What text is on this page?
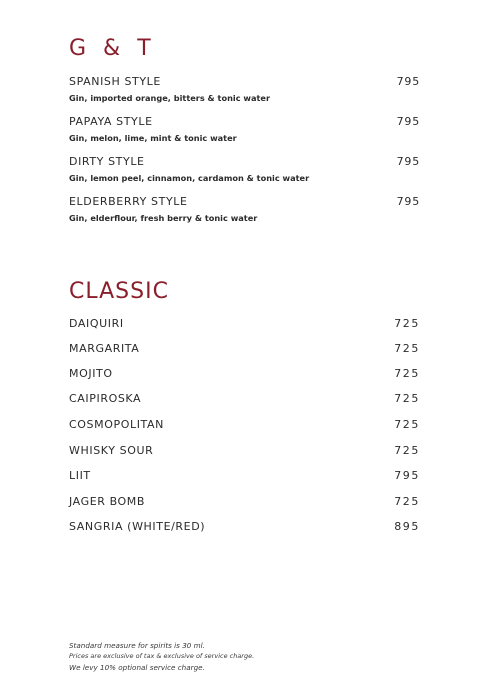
G & T
SPANISH STYLE	795
Gin, imported orange, bitters & tonic water
PAPAYA STYLE	795
Gin, melon, lime, mint & tonic water
DIRTY STYLE	795
Gin, lemon peel, cinnamon, cardamon & tonic water
ELDERBERRY STYLE	795
Gin, elderflour, fresh berry & tonic water
CLASSIC
DAIQUIRI	725
MARGARITA	725
MOJITO	725
CAIPIROSKA	725
COSMOPOLITAN	725
WHISKY SOUR	725
LIIT	795
JAGER BOMB	725
SANGRIA (WHITE/RED)	895
Standard measure for spirits is 30 ml.
Prices are exclusive of tax & exclusive of service charge.
We levy 10% optional service charge.
